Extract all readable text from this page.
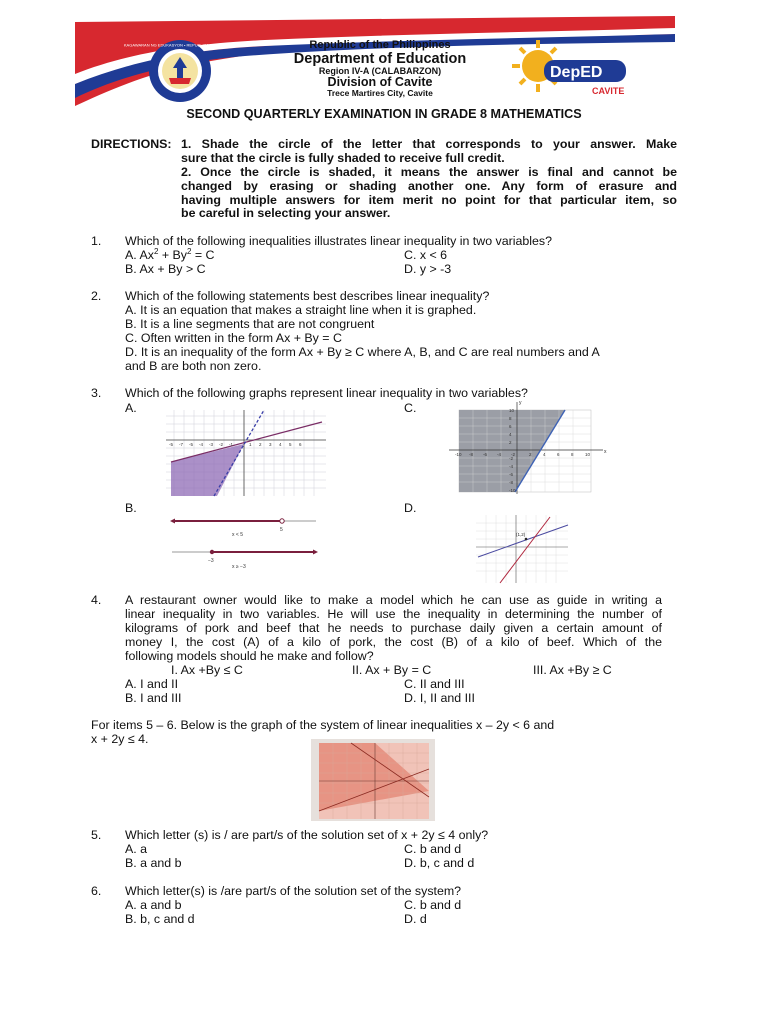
KAGAWARAN NG EDUKASYON • REPUBLIKA NG PILIPINAS	Republic of the Philippines
Department of Education
Region IV-A (CALABARZON)
Division of Cavite
Trece Martires City, Cavite
DepED
CAVITE
SECOND QUARTERLY EXAMINATION IN GRADE 8 MATHEMATICS
DIRECTIONS: 1. Shade the circle of the letter that corresponds to your answer. Make
sure that the circle is fully shaded to receive full credit.
2. Once the circle is shaded, it means the answer is final and cannot be
changed by erasing or shading another one. Any form of erasure and
having multiple answers for item merit no point for that particular item, so
be careful in selecting your answer.
1. Which of the following inequalities illustrates linear inequality in two variables?
A. $Ax^2 + By^2 = C$	C. x < 6
B. Ax + By > C	D. y > -3
2. Which of the following statements best describes linear inequality?
A. It is an equation that makes a straight line when it is graphed.
B. It is a line segments that are not congruent
C. Often written in the form Ax + By = C
D. It is an inequality of the form Ax + By ≥ C where A, B, and C are real numbers and A
and B are both non zero.
3. Which of the following graphs represent linear inequality in two variables?
A.	C.
B.	D.
-5 -7 -5 -4 -3 -2 -1	1 2 3 4 5 6
x
y
-10 -8 -6 -4 -2	2	4	6	8	10
10
8
6
4
2
-2
-4
-6
-8
-10
5
x < 5
−3
x ≥ −3
(1,2)
4. A restaurant owner would like to make a model which he can use as guide in writing a
linear inequality in two variables. He will use the inequality in determining the number of
kilograms of pork and beef that he needs to purchase daily given a certain amount of
money I, the cost (A) of a kilo of pork, the cost (B) of a kilo of beef. Which of the
following models should he make and follow?
I. Ax +By ≤ C	II. Ax + By = C	III. Ax +By ≥ C
A. I and II	C. II and III
B. I and III	D. I, II and III
For items 5 – 6. Below is the graph of the system of linear inequalities x – 2y < 6 and
x + 2y ≤ 4.
5. Which letter (s) is / are part/s of the solution set of x + 2y ≤ 4 only?
A. a	C. b and d
B. a and b	D. b, c and d
6. Which letter(s) is /are part/s of the solution set of the system?
A. a and b	C. b and d
B. b, c and d	D. d
